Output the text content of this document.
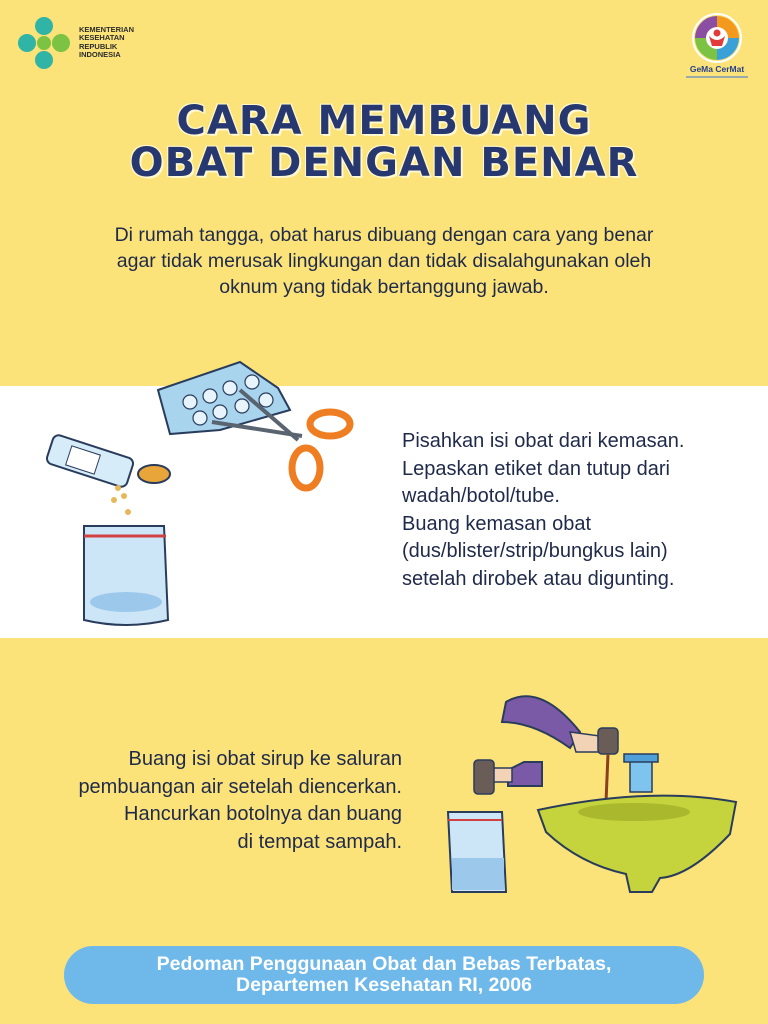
KEMENTERIAN
KESEHATAN
REPUBLIK
INDONESIA
GeMa CerMat
CARA MEMBUANG
OBAT DENGAN BENAR
Di rumah tangga, obat harus dibuang dengan cara yang benar
agar tidak merusak lingkungan dan tidak disalahgunakan oleh
oknum yang tidak bertanggung jawab.
Pisahkan isi obat dari kemasan.
Lepaskan etiket dan tutup dari
wadah/botol/tube.
Buang kemasan obat
(dus/blister/strip/bungkus lain)
setelah dirobek atau digunting.
Buang isi obat sirup ke saluran
pembuangan air setelah diencerkan.
Hancurkan botolnya dan buang
di tempat sampah.
Pedoman Penggunaan Obat dan Bebas Terbatas,
Departemen Kesehatan RI, 2006
